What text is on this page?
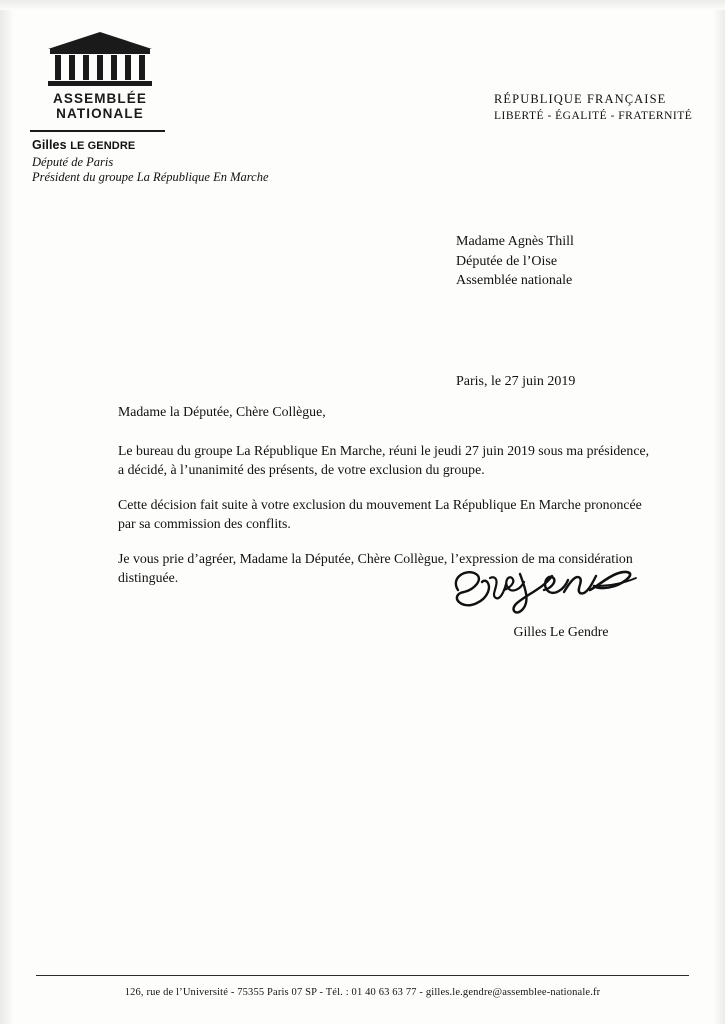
ASSEMBLÉE
NATIONALE
Gilles LE GENDRE
Député de Paris
Président du groupe La République En Marche
RÉPUBLIQUE FRANÇAISE
LIBERTÉ - ÉGALITÉ - FRATERNITÉ
Madame Agnès Thill
Députée de l’Oise
Assemblée nationale
Paris, le 27 juin 2019

Madame la Députée, Chère Collègue,

Le bureau du groupe La République En Marche, réuni le jeudi 27 juin 2019 sous ma présidence, a décidé, à l’unanimité des présents, de votre exclusion du groupe.

Cette décision fait suite à votre exclusion du mouvement La République En Marche prononcée par sa commission des conflits.

Je vous prie d’agréer, Madame la Députée, Chère Collègue, l’expression de ma considération distinguée.

Gilles Le Gendre
126, rue de l’Université - 75355 Paris 07 SP - Tél. : 01 40 63 63 77 - gilles.le.gendre@assemblee-nationale.fr
